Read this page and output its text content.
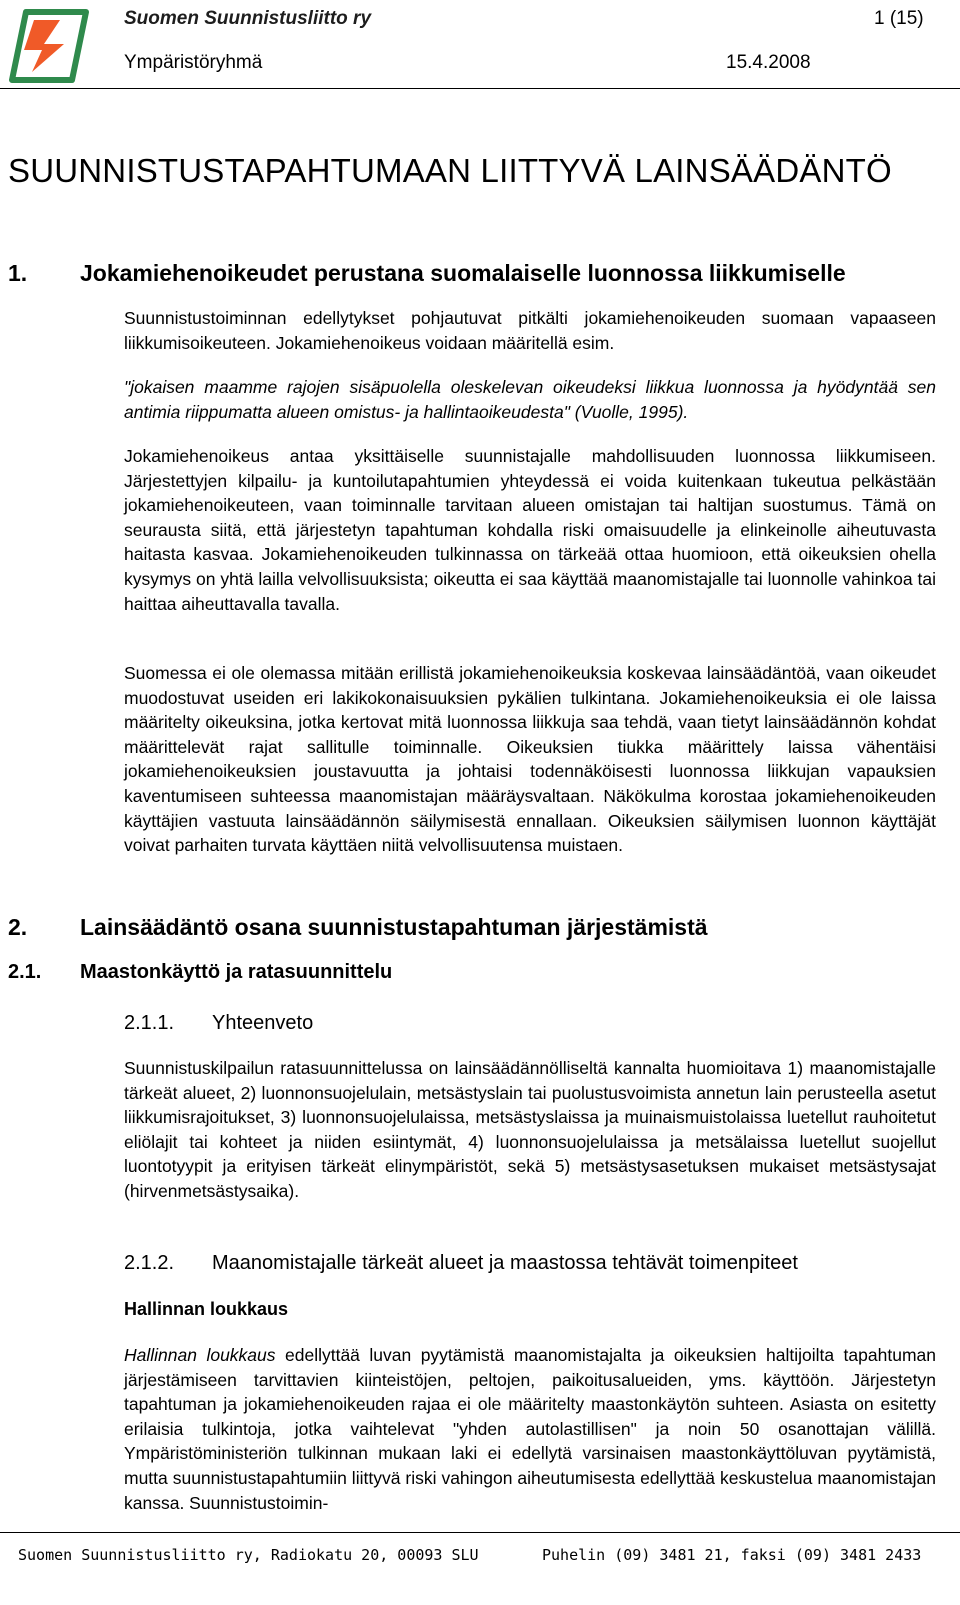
Suomen Suunnistusliitto ry	1 (15)
Ympäristöryhmä	15.4.2008
SUUNNISTUSTAPAHTUMAAN LIITTYVÄ LAINSÄÄDÄNTÖ
1. Jokamiehenoikeudet perustana suomalaiselle luonnossa liikkumiselle
Suunnistustoiminnan edellytykset pohjautuvat pitkälti jokamiehenoikeuden suomaan vapaaseen liikkumisoikeuteen. Jokamiehenoikeus voidaan määritellä esim.
"jokaisen maamme rajojen sisäpuolella oleskelevan oikeudeksi liikkua luonnossa ja hyödyntää sen antimia riippumatta alueen omistus- ja hallintaoikeudesta" (Vuolle, 1995).
Jokamiehenoikeus antaa yksittäiselle suunnistajalle mahdollisuuden luonnossa liikkumiseen. Järjestettyjen kilpailu- ja kuntoilutapahtumien yhteydessä ei voida kuitenkaan tukeutua pelkästään jokamiehenoikeuteen, vaan toiminnalle tarvitaan alueen omistajan tai haltijan suostumus. Tämä on seurausta siitä, että järjestetyn tapahtuman kohdalla riski omaisuudelle ja elinkeinolle aiheutuvasta haitasta kasvaa. Jokamiehenoikeuden tulkinnassa on tärkeää ottaa huomioon, että oikeuksien ohella kysymys on yhtä lailla velvollisuuksista; oikeutta ei saa käyttää maanomistajalle tai luonnolle vahinkoa tai haittaa aiheuttavalla tavalla.
Suomessa ei ole olemassa mitään erillistä jokamiehenoikeuksia koskevaa lainsäädäntöä, vaan oikeudet muodostuvat useiden eri lakikokonaisuuksien pykälien tulkintana. Jokamiehenoikeuksia ei ole laissa määritelty oikeuksina, jotka kertovat mitä luonnossa liikkuja saa tehdä, vaan tietyt lainsäädännön kohdat määrittelevät rajat sallitulle toiminnalle. Oikeuksien tiukka määrittely laissa vähentäisi jokamiehenoikeuksien joustavuutta ja johtaisi todennäköisesti luonnossa liikkujan vapauksien kaventumiseen suhteessa maanomistajan määräysvaltaan. Näkökulma korostaa jokamiehenoikeuden käyttäjien vastuuta lainsäädännön säilymisestä ennallaan. Oikeuksien säilymisen luonnon käyttäjät voivat parhaiten turvata käyttäen niitä velvollisuutensa muistaen.
2. Lainsäädäntö osana suunnistustapahtuman järjestämistä
2.1. Maastonkäyttö ja ratasuunnittelu
2.1.1. Yhteenveto
Suunnistuskilpailun ratasuunnittelussa on lainsäädännölliseltä kannalta huomioitava 1) maanomistajalle tärkeät alueet, 2) luonnonsuojelulain, metsästyslain tai puolustusvoimista annetun lain perusteella asetut liikkumisrajoitukset, 3) luonnonsuojelulaissa, metsästyslaissa ja muinaismuistolaissa luetellut rauhoitetut eliölajit tai kohteet ja niiden esiintymät, 4) luonnonsuojelulaissa ja metsälaissa luetellut suojellut luontotyypit ja erityisen tärkeät elinympäristöt, sekä 5) metsästysasetuksen mukaiset metsästysajat (hirvenmetsästysaika).
2.1.2. Maanomistajalle tärkeät alueet ja maastossa tehtävät toimenpiteet
Hallinnan loukkaus
Hallinnan loukkaus edellyttää luvan pyytämistä maanomistajalta ja oikeuksien haltijoilta tapahtuman järjestämiseen tarvittavien kiinteistöjen, peltojen, paikoitusalueiden, yms. käyttöön. Järjestetyn tapahtuman ja jokamiehenoikeuden rajaa ei ole määritelty maastonkäytön suhteen. Asiasta on esitetty erilaisia tulkintoja, jotka vaihtelevat "yhden autolastillisen" ja noin 50 osanottajan välillä. Ympäristöministeriön tulkinnan mukaan laki ei edellytä varsinaisen maastonkäyttöluvan pyytämistä, mutta suunnistustapahtumiin liittyvä riski vahingon aiheutumisesta edellyttää keskustelua maanomistajan kanssa. Suunnistustoimin-
Suomen Suunnistusliitto ry, Radiokatu 20, 00093 SLU	Puhelin (09) 3481 21, faksi (09) 3481 2433
